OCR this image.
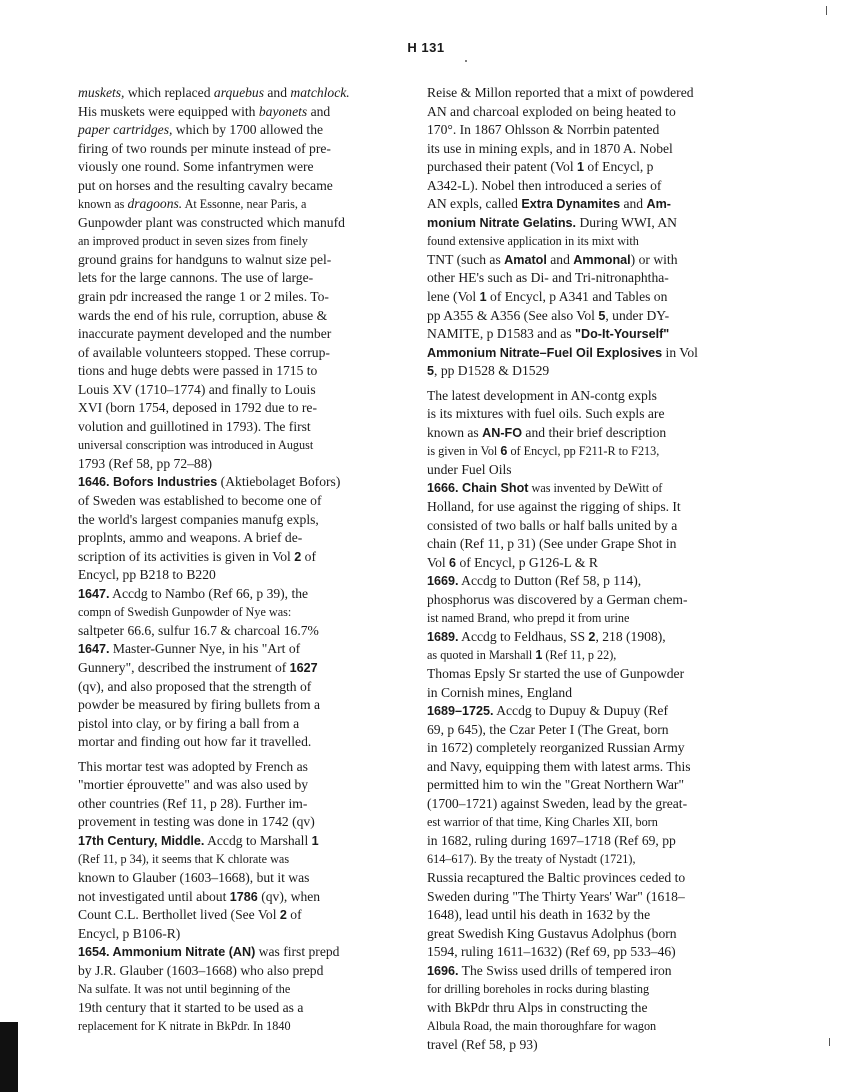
H 131
muskets, which replaced arquebus and matchlock.
His muskets were equipped with bayonets and
paper cartridges, which by 1700 allowed the
firing of two rounds per minute instead of pre-
viously one round. Some infantrymen were
put on horses and the resulting cavalry became
known as dragoons. At Essonne, near Paris, a
Gunpowder plant was constructed which manufd
an improved product in seven sizes from finely
ground grains for handguns to walnut size pel-
lets for the large cannons. The use of large-
grain pdr increased the range 1 or 2 miles. To-
wards the end of his rule, corruption, abuse &
inaccurate payment developed and the number
of available volunteers stopped. These corrup-
tions and huge debts were passed in 1715 to
Louis XV (1710–1774) and finally to Louis
XVI (born 1754, deposed in 1792 due to re-
volution and guillotined in 1793). The first
universal conscription was introduced in August
1793 (Ref 58, pp 72–88)
1646. Bofors Industries (Aktiebolaget Bofors)
of Sweden was established to become one of
the world's largest companies manufg expls,
proplnts, ammo and weapons. A brief de-
scription of its activities is given in Vol 2 of
Encycl, pp B218 to B220
1647. Accdg to Nambo (Ref 66, p 39), the
compn of Swedish Gunpowder of Nye was:
saltpeter 66.6, sulfur 16.7 & charcoal 16.7%
1647. Master-Gunner Nye, in his "Art of
Gunnery", described the instrument of 1627
(qv), and also proposed that the strength of
powder be measured by firing bullets from a
pistol into clay, or by firing a ball from a
mortar and finding out how far it travelled.
This mortar test was adopted by French as
"mortier éprouvette" and was also used by
other countries (Ref 11, p 28). Further im-
provement in testing was done in 1742 (qv)
17th Century, Middle. Accdg to Marshall 1
(Ref 11, p 34), it seems that K chlorate was
known to Glauber (1603–1668), but it was
not investigated until about 1786 (qv), when
Count C.L. Berthollet lived (See Vol 2 of
Encycl, p B106-R)
1654. Ammonium Nitrate (AN) was first prepd
by J.R. Glauber (1603–1668) who also prepd
Na sulfate. It was not until beginning of the
19th century that it started to be used as a
replacement for K nitrate in BkPdr. In 1840
Reise & Millon reported that a mixt of powdered
AN and charcoal exploded on being heated to
170°. In 1867 Ohlsson & Norrbin patented
its use in mining expls, and in 1870 A. Nobel
purchased their patent (Vol 1 of Encycl, p
A342-L). Nobel then introduced a series of
AN expls, called Extra Dynamites and Am-
monium Nitrate Gelatins. During WWI, AN
found extensive application in its mixt with
TNT (such as Amatol and Ammonal) or with
other HE's such as Di- and Tri-nitronaphtha-
lene (Vol 1 of Encycl, p A341 and Tables on
pp A355 & A356 (See also Vol 5, under DY-
NAMITE, p D1583 and as "Do-It-Yourself"
Ammonium Nitrate–Fuel Oil Explosives in Vol
5, pp D1528 & D1529
The latest development in AN-contg expls
is its mixtures with fuel oils. Such expls are
known as AN-FO and their brief description
is given in Vol 6 of Encycl, pp F211-R to F213,
under Fuel Oils
1666. Chain Shot was invented by DeWitt of
Holland, for use against the rigging of ships. It
consisted of two balls or half balls united by a
chain (Ref 11, p 31) (See under Grape Shot in
Vol 6 of Encycl, p G126-L & R
1669. Accdg to Dutton (Ref 58, p 114),
phosphorus was discovered by a German chem-
ist named Brand, who prepd it from urine
1689. Accdg to Feldhaus, SS 2, 218 (1908),
as quoted in Marshall 1 (Ref 11, p 22),
Thomas Epsly Sr started the use of Gunpowder
in Cornish mines, England
1689–1725. Accdg to Dupuy & Dupuy (Ref
69, p 645), the Czar Peter I (The Great, born
in 1672) completely reorganized Russian Army
and Navy, equipping them with latest arms. This
permitted him to win the "Great Northern War"
(1700–1721) against Sweden, lead by the great-
est warrior of that time, King Charles XII, born
in 1682, ruling during 1697–1718 (Ref 69, pp
614–617). By the treaty of Nystadt (1721),
Russia recaptured the Baltic provinces ceded to
Sweden during "The Thirty Years' War" (1618–
1648), lead until his death in 1632 by the
great Swedish King Gustavus Adolphus (born
1594, ruling 1611–1632) (Ref 69, pp 533–46)
1696. The Swiss used drills of tempered iron
for drilling boreholes in rocks during blasting
with BkPdr thru Alps in constructing the
Albula Road, the main thoroughfare for wagon
travel (Ref 58, p 93)
